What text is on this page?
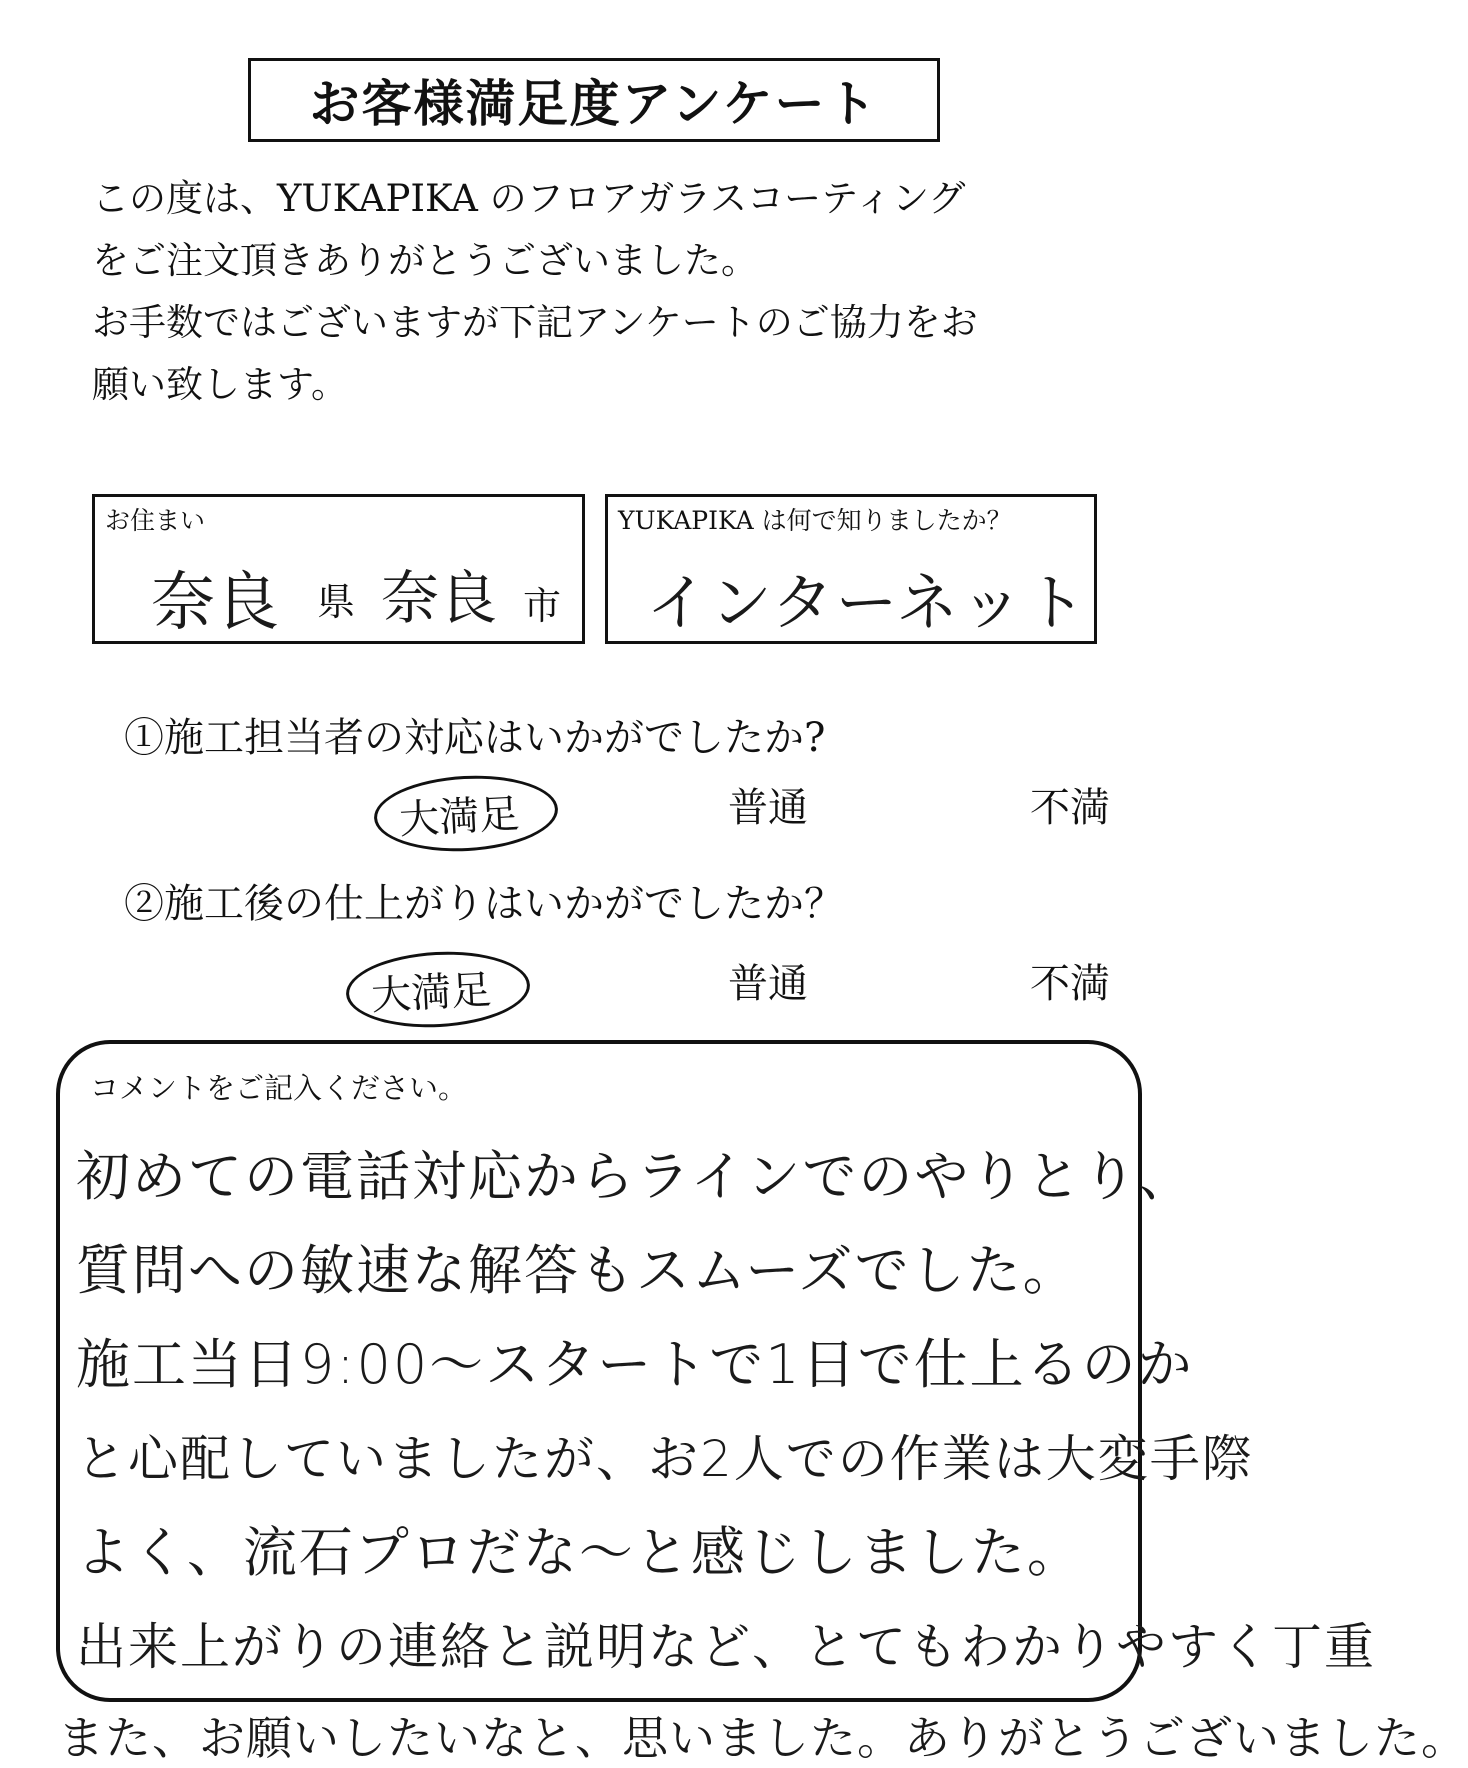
お客様満足度アンケート

この度は、YUKAPIKA のフロアガラスコーティング

をご注文頂きありがとうございました。

お手数ではございますが下記アンケートのご協力をお

願い致します。

お住まい
奈良 県 奈良 市
YUKAPIKA は何で知りましたか？
インターネット
①施工担当者の対応はいかがでしたか?
大満足	普通	不満
②施工後の仕上がりはいかがでしたか？
大満足	普通	不満
コメントをご記入ください。
初めての電話対応からラインでのやりとり、
質問への敏速な解答もスムーズでした。
施工当日9:00〜スタートで1日で仕上るのか
と心配していましたが、お2人での作業は大変手際
よく、流石プロだな〜と感じしました。
出来上がりの連絡と説明など、とてもわかりやすく丁重
また、お願いしたいなと、思いました。ありがとうございました。
